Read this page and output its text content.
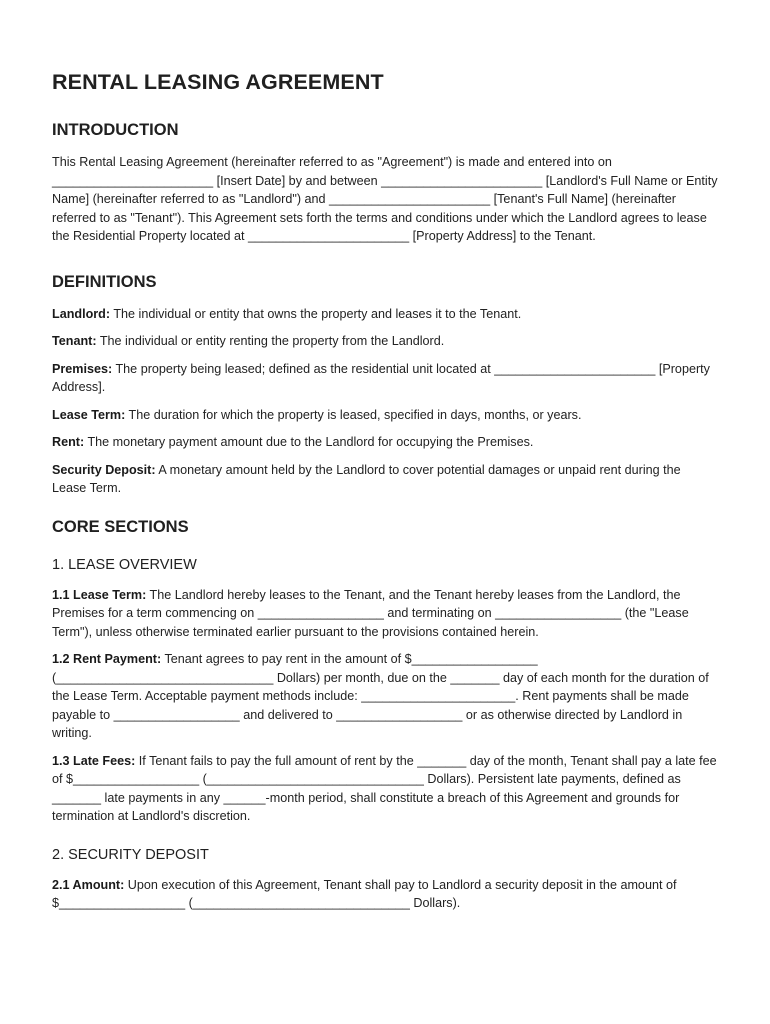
RENTAL LEASING AGREEMENT
INTRODUCTION

This Rental Leasing Agreement (hereinafter referred to as "Agreement") is made and entered into on _______________________ [Insert Date] by and between _______________________ [Landlord's Full Name or Entity Name] (hereinafter referred to as "Landlord") and _______________________ [Tenant's Full Name] (hereinafter referred to as "Tenant"). This Agreement sets forth the terms and conditions under which the Landlord agrees to lease the Residential Property located at _______________________ [Property Address] to the Tenant.

DEFINITIONS

Landlord: The individual or entity that owns the property and leases it to the Tenant.

Tenant: The individual or entity renting the property from the Landlord.

Premises: The property being leased; defined as the residential unit located at _______________________ [Property Address].

Lease Term: The duration for which the property is leased, specified in days, months, or years.

Rent: The monetary payment amount due to the Landlord for occupying the Premises.

Security Deposit: A monetary amount held by the Landlord to cover potential damages or unpaid rent during the Lease Term.

CORE SECTIONS
1. LEASE OVERVIEW

1.1 Lease Term: The Landlord hereby leases to the Tenant, and the Tenant hereby leases from the Landlord, the Premises for a term commencing on __________________ and terminating on __________________ (the "Lease Term"), unless otherwise terminated earlier pursuant to the provisions contained herein.

1.2 Rent Payment: Tenant agrees to pay rent in the amount of $__________________ (_______________________________ Dollars) per month, due on the _______ day of each month for the duration of the Lease Term. Acceptable payment methods include: ______________________. Rent payments shall be made payable to __________________ and delivered to __________________ or as otherwise directed by Landlord in writing.

1.3 Late Fees: If Tenant fails to pay the full amount of rent by the _______ day of the month, Tenant shall pay a late fee of $__________________ (_______________________________ Dollars). Persistent late payments, defined as _______ late payments in any ______-month period, shall constitute a breach of this Agreement and grounds for termination at Landlord's discretion.

2. SECURITY DEPOSIT

2.1 Amount: Upon execution of this Agreement, Tenant shall pay to Landlord a security deposit in the amount of $__________________ (_______________________________ Dollars).
